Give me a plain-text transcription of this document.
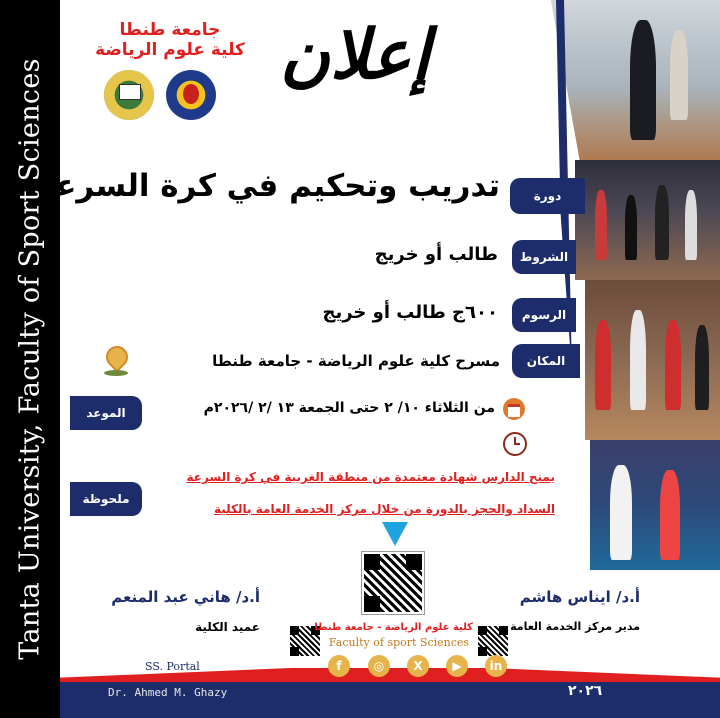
Tanta University, Faculty of Sport Sciences
جامعة طنطا
كلية علوم الرياضة إعلان
دورة
تدريب وتحكيم في كرة السرعة
الشروط
طالب أو خريج
الرسوم
٦٠٠ج طالب أو خريج
المكان
مسرح كلية علوم الرياضة - جامعة طنطا
الموعد	من الثلاثاء ١٠/ ٢ حتى الجمعة ١٣ /٢ /٢٠٢٦م
ملحوظة
يمنح الدارس شهادة معتمدة من منطقة الغربية في كرة السرعة
السداد والحجز بالدورة من خلال مركز الخدمة العامة بالكلية
أ.د/ هاني عبد المنعم
عميد الكلية
أ.د/ ايناس هاشم
مدير مركز الخدمة العامة
كلية علوم الرياضة - جامعة طنطا
Faculty of sport Sciences
f	◎	X	▶	in
SS. Portal
Dr. Ahmed M. Ghazy	٢٠٢٦
